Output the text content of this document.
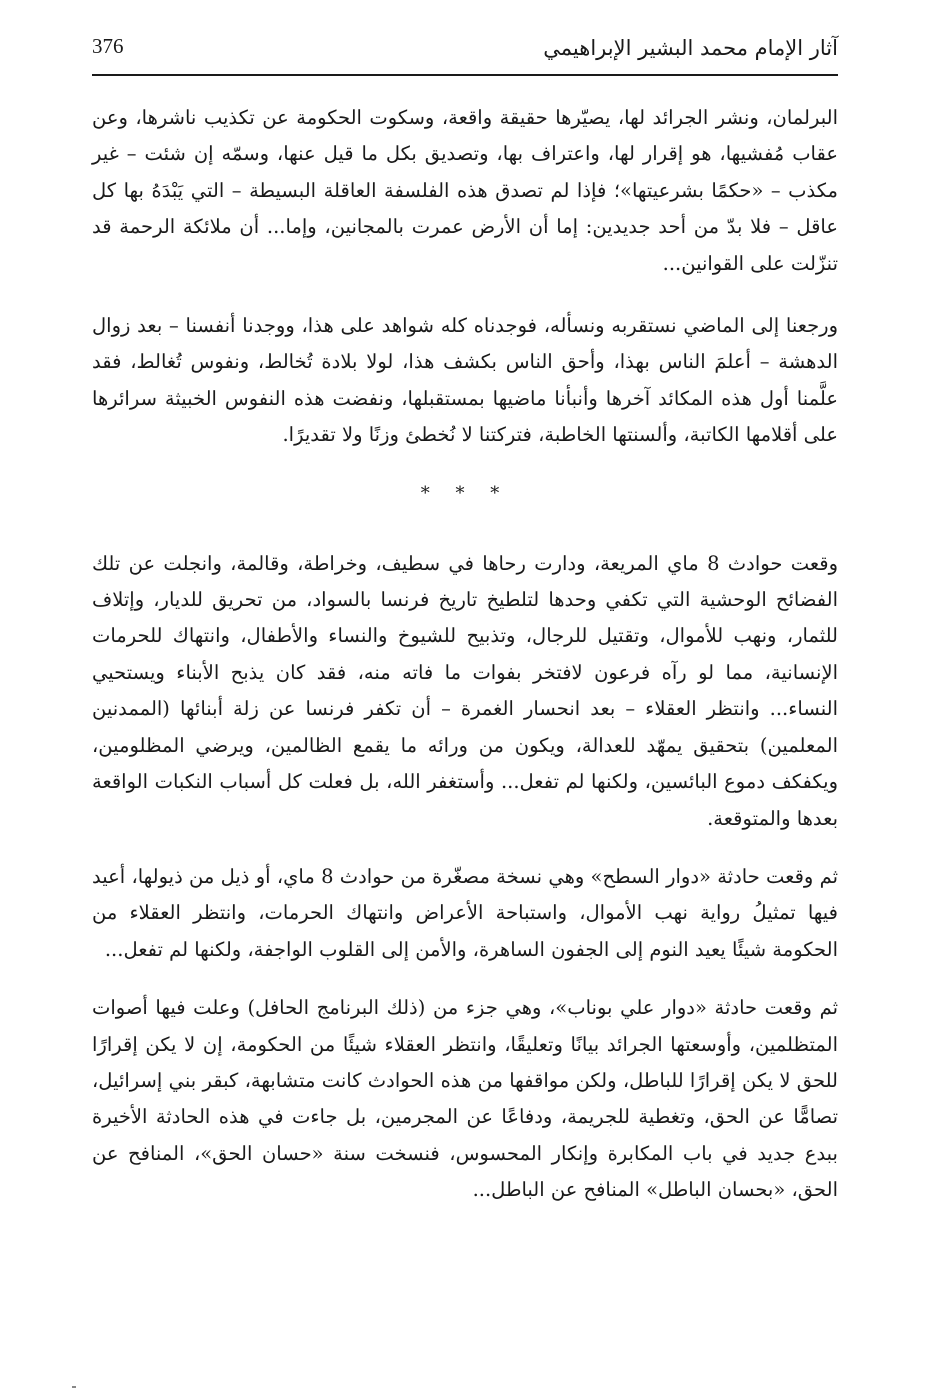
376	آثار الإمام محمد البشير الإبراهيمي

البرلمان، ونشر الجرائد لها، يصيّرها حقيقة واقعة، وسكوت الحكومة عن تكذيب ناشرها، وعن عقاب مُفشيها، هو إقرار لها، واعتراف بها، وتصديق بكل ما قيل عنها، وسمّه إن شئت – غير مكذب – «حكمًا بشرعيتها»؛ فإذا لم تصدق هذه الفلسفة العاقلة البسيطة – التي يَبْدَهُ بها كل عاقل – فلا بدّ من أحد جديدين: إما أن الأرض عمرت بالمجانين، وإما... أن ملائكة الرحمة قد تنزّلت على القوانين...

ورجعنا إلى الماضي نستقربه ونسأله، فوجدناه كله شواهد على هذا، ووجدنا أنفسنا – بعد زوال الدهشة – أعلمَ الناس بهذا، وأحق الناس بكشف هذا، لولا بلادة تُخالط، ونفوس تُغالط، فقد علَّمنا أول هذه المكائد آخرها وأنبأنا ماضيها بمستقبلها، ونفضت هذه النفوس الخبيثة سرائرها على أقلامها الكاتبة، وألسنتها الخاطبة، فتركتنا لا نُخطئ وزنًا ولا تقديرًا.

* * *

وقعت حوادث 8 ماي المريعة، ودارت رحاها في سطيف، وخراطة، وقالمة، وانجلت عن تلك الفضائح الوحشية التي تكفي وحدها لتلطيخ تاريخ فرنسا بالسواد، من تحريق للديار، وإتلاف للثمار، ونهب للأموال، وتقتيل للرجال، وتذبيح للشيوخ والنساء والأطفال، وانتهاك للحرمات الإنسانية، مما لو رآه فرعون لافتخر بفوات ما فاته منه، فقد كان يذبح الأبناء ويستحيي النساء... وانتظر العقلاء – بعد انحسار الغمرة – أن تكفر فرنسا عن زلة أبنائها (الممدنين المعلمين) بتحقيق يمهّد للعدالة، ويكون من ورائه ما يقمع الظالمين، ويرضي المظلومين، ويكفكف دموع البائسين، ولكنها لم تفعل... وأستغفر الله، بل فعلت كل أسباب النكبات الواقعة بعدها والمتوقعة.

ثم وقعت حادثة «دوار السطح» وهي نسخة مصغّرة من حوادث 8 ماي، أو ذيل من ذيولها، أعيد فيها تمثيلُ رواية نهب الأموال، واستباحة الأعراض وانتهاك الحرمات، وانتظر العقلاء من الحكومة شيئًا يعيد النوم إلى الجفون الساهرة، والأمن إلى القلوب الواجفة، ولكنها لم تفعل...

ثم وقعت حادثة «دوار علي بوناب»، وهي جزء من (ذلك البرنامج الحافل) وعلت فيها أصوات المتظلمين، وأوسعتها الجرائد بيانًا وتعليقًا، وانتظر العقلاء شيئًا من الحكومة، إن لا يكن إقرارًا للحق لا يكن إقرارًا للباطل، ولكن مواقفها من هذه الحوادث كانت متشابهة، كبقر بني إسرائيل، تصامًّا عن الحق، وتغطية للجريمة، ودفاعًا عن المجرمين، بل جاءت في هذه الحادثة الأخيرة ببدع جديد في باب المكابرة وإنكار المحسوس، فنسخت سنة «حسان الحق»، المنافح عن الحق، «بحسان الباطل» المنافح عن الباطل...
